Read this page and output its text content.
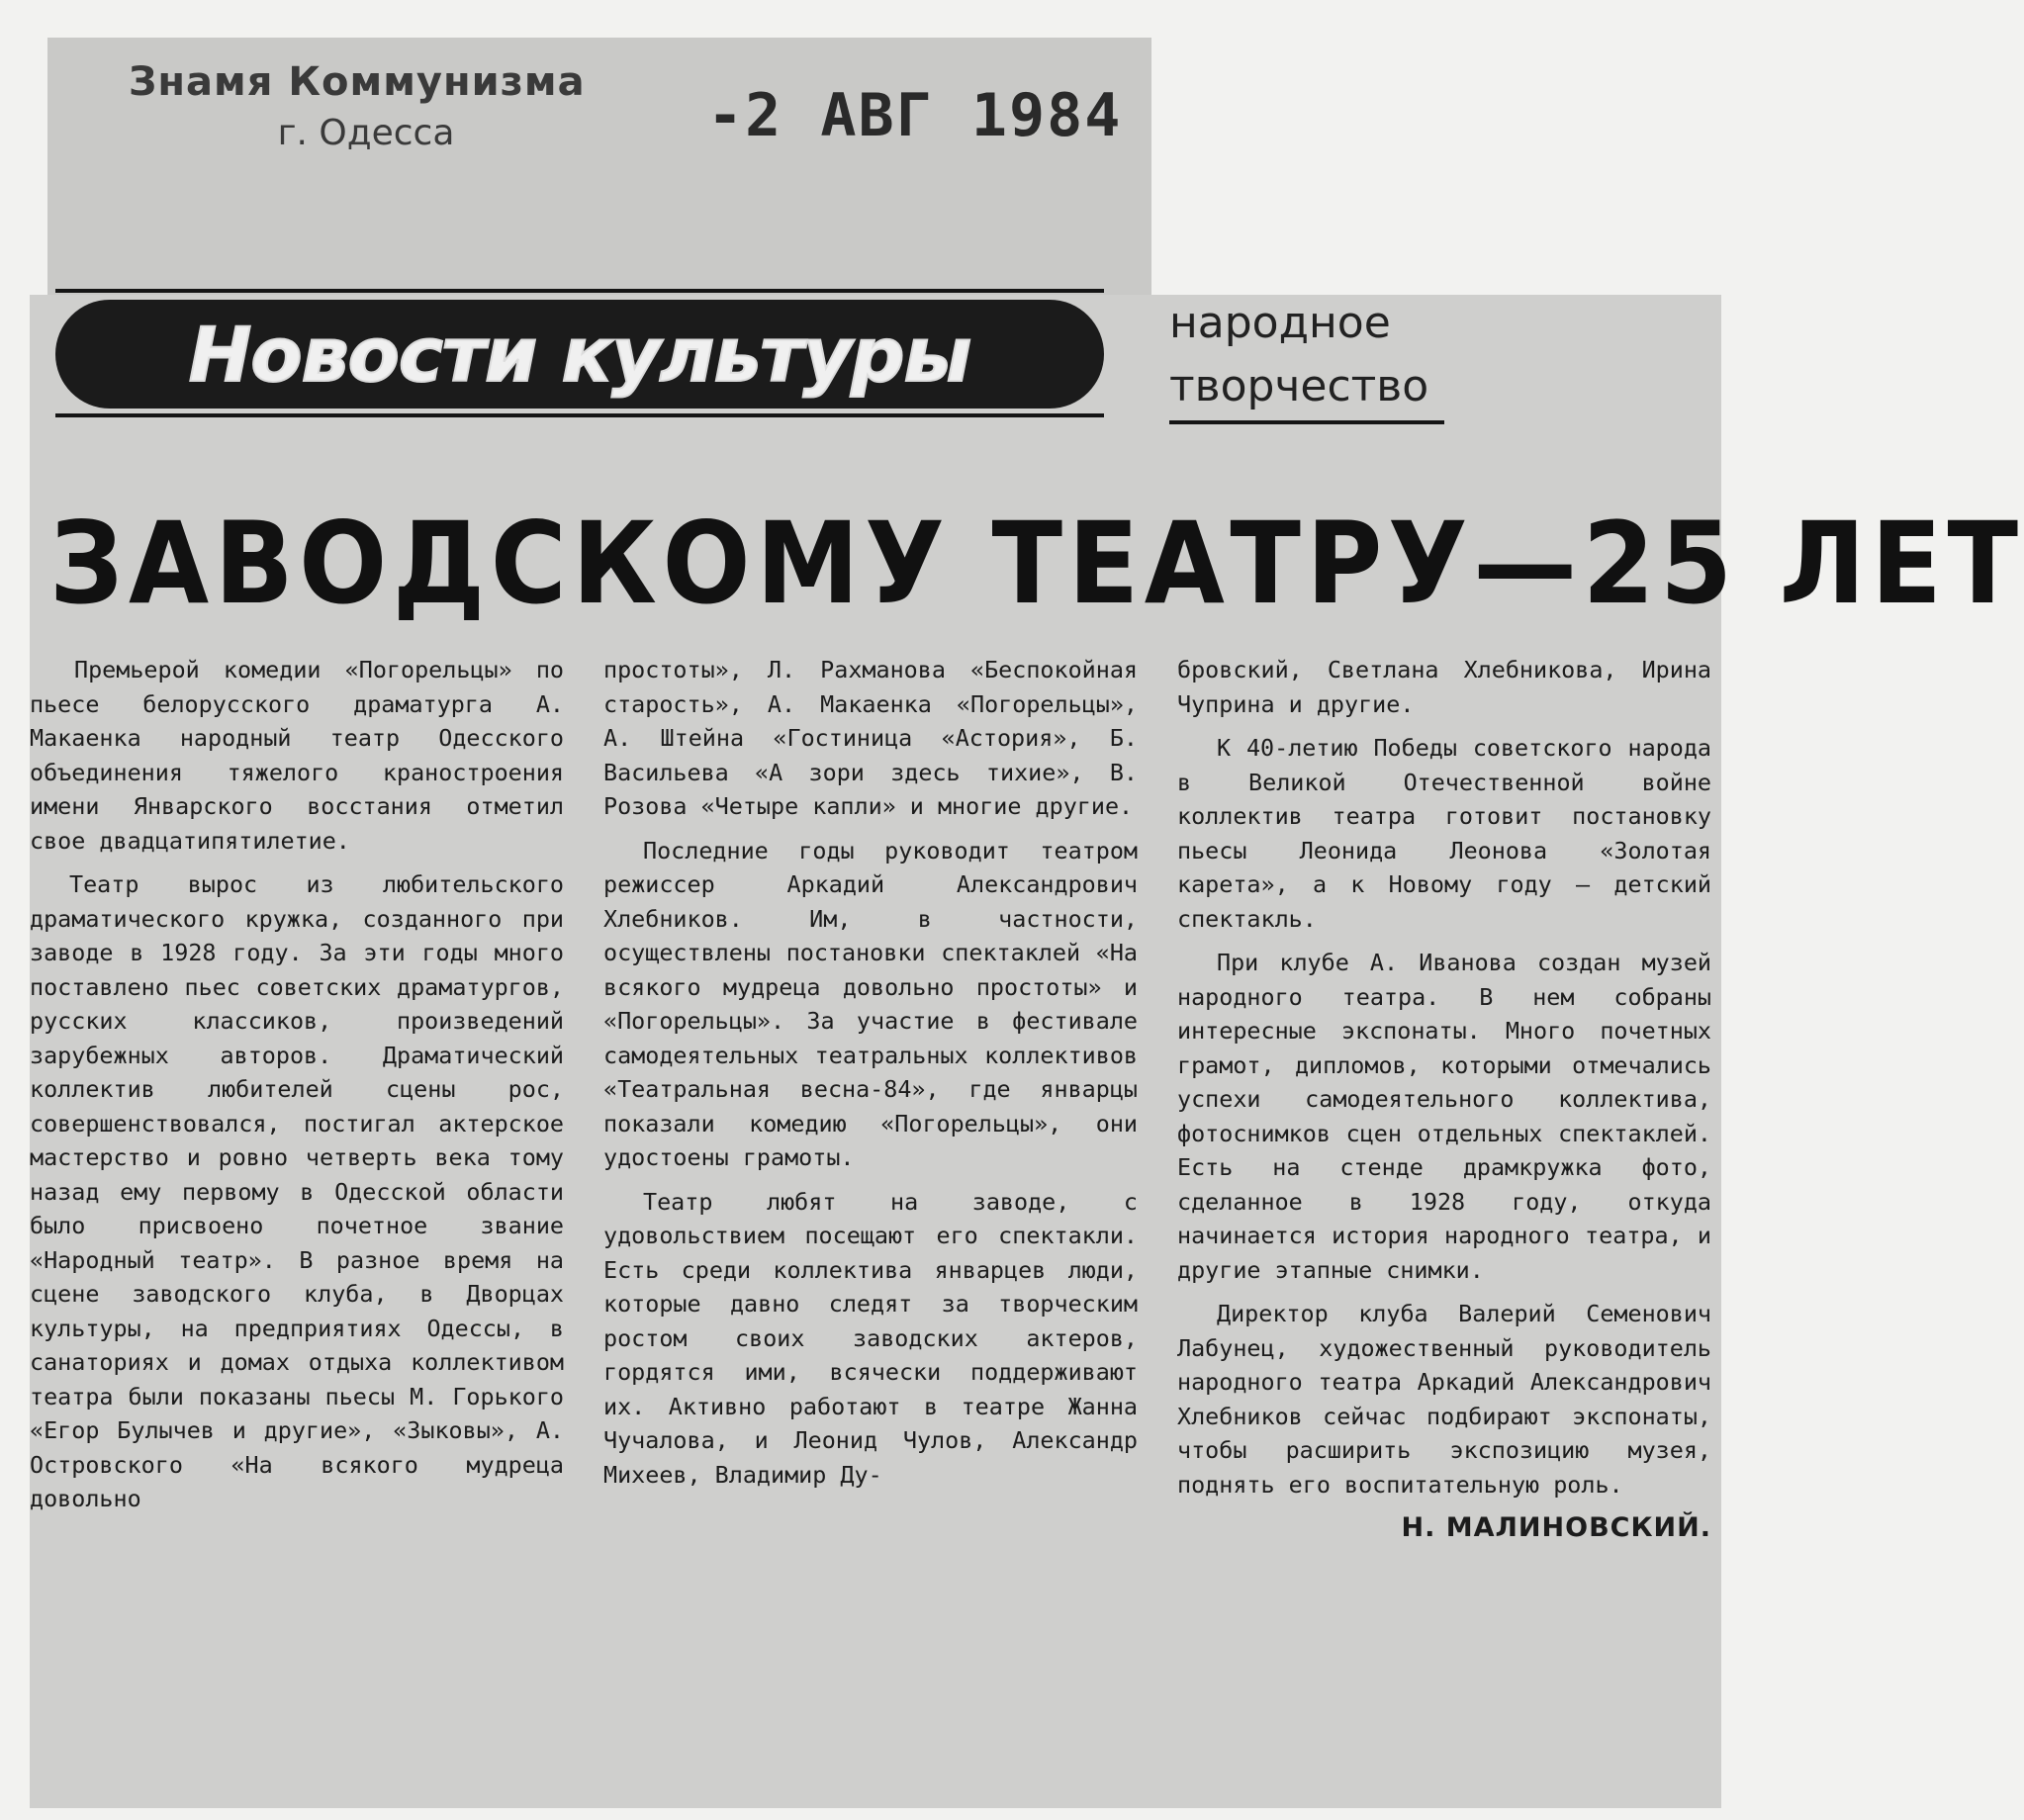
Знамя Коммунизма
г. Одесса	-2 АВГ 1984
Новости культуры	народное
творчество
ЗАВОДСКОМУ ТЕАТРУ—25 ЛЕТ

Премьерой комедии «Погорельцы» по пьесе белорусского драматурга А. Макаенка народный театр Одесского объединения тяжелого краностроения имени Январского восстания отметил свое двадцатипятилетие.

Театр вырос из любительского драматического кружка, созданного при заводе в 1928 году. За эти годы много поставлено пьес советских драматургов, русских классиков, произведений зарубежных авторов. Драматический коллектив любителей сцены рос, совершенствовался, постигал актерское мастерство и ровно четверть века тому назад ему первому в Одесской области было присвоено почетное звание «Народный театр». В разное время на сцене заводского клуба, в Дворцах культуры, на предприятиях Одессы, в санаториях и домах отдыха коллективом театра были показаны пьесы М. Горького «Егор Булычев и другие», «Зыковы», А. Островского «На всякого мудреца довольно

простоты», Л. Рахманова «Беспокойная старость», А. Макаенка «Погорельцы», А. Штейна «Гостиница «Астория», Б. Васильева «А зори здесь тихие», В. Розова «Четыре капли» и многие другие.

Последние годы руководит театром режиссер Аркадий Александрович Хлебников. Им, в частности, осуществлены постановки спектаклей «На всякого мудреца довольно простоты» и «Погорельцы». За участие в фестивале самодеятельных театральных коллективов «Театральная весна-84», где январцы показали комедию «Погорельцы», они удостоены грамоты.

Театр любят на заводе, с удовольствием посещают его спектакли. Есть среди коллектива январцев люди, которые давно следят за творческим ростом своих заводских актеров, гордятся ими, всячески поддерживают их. Активно работают в театре Жанна Чучалова, и Леонид Чулов, Александр Михеев, Владимир Ду-

бровский, Светлана Хлебникова, Ирина Чуприна и другие.

К 40-летию Победы советского народа в Великой Отечественной войне коллектив театра готовит постановку пьесы Леонида Леонова «Золотая карета», а к Новому году — детский спектакль.

При клубе А. Иванова создан музей народного театра. В нем собраны интересные экспонаты. Много почетных грамот, дипломов, которыми отмечались успехи самодеятельного коллектива, фотоснимков сцен отдельных спектаклей. Есть на стенде драмкружка фото, сделанное в 1928 году, откуда начинается история народного театра, и другие этапные снимки.

Директор клуба Валерий Семенович Лабунец, художественный руководитель народного театра Аркадий Александрович Хлебников сейчас подбирают экспонаты, чтобы расширить экспозицию музея, поднять его воспитательную роль.

Н. МАЛИНОВСКИЙ.
